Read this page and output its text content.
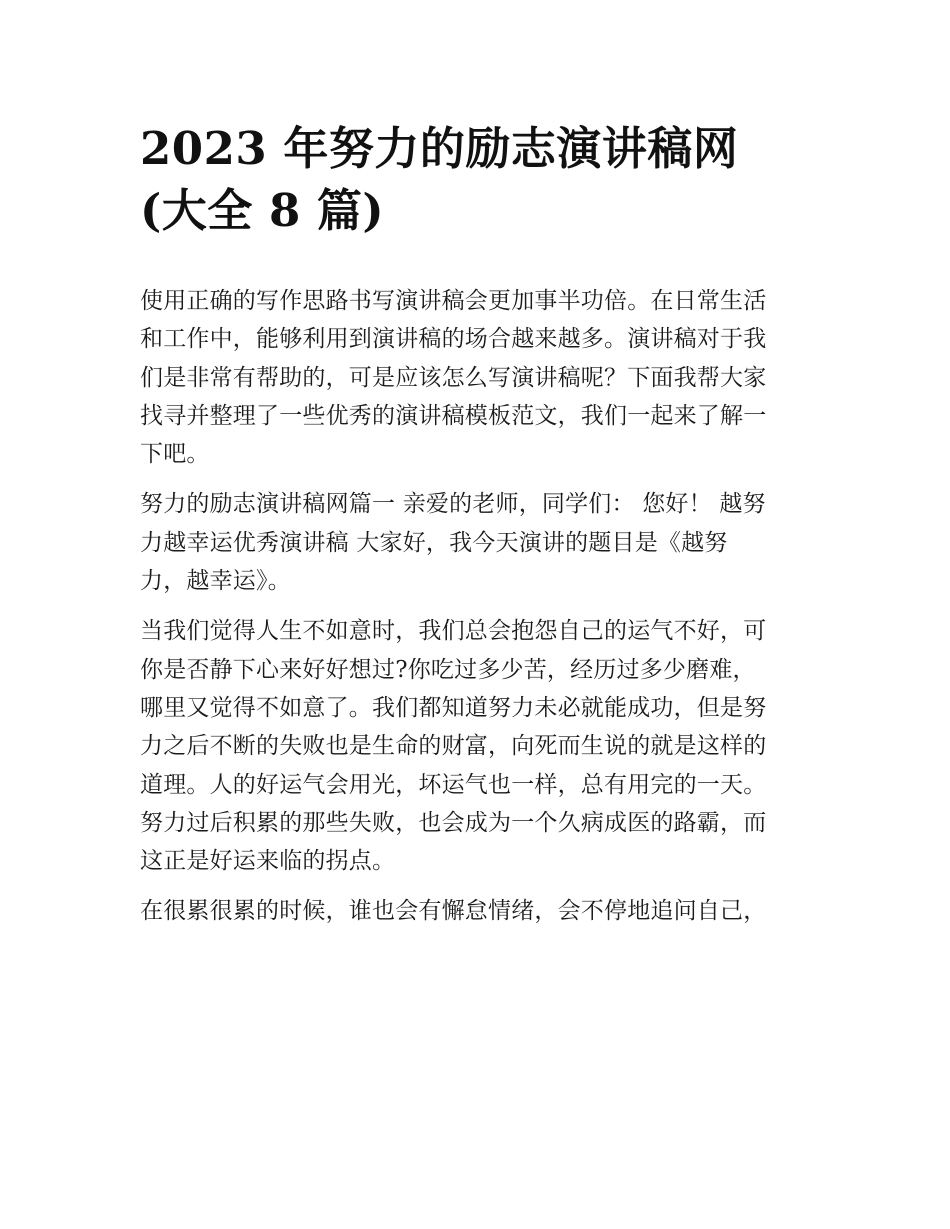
2023 年努力的励志演讲稿网
(大全 8 篇)

使用正确的写作思路书写演讲稿会更加事半功倍。在日常生活
和工作中，能够利用到演讲稿的场合越来越多。演讲稿对于我
们是非常有帮助的，可是应该怎么写演讲稿呢？下面我帮大家
找寻并整理了一些优秀的演讲稿模板范文，我们一起来了解一
下吧。

努力的励志演讲稿网篇一 亲爱的老师，同学们： 您好！ 越努
力越幸运优秀演讲稿 大家好，我今天演讲的题目是《越努
力，越幸运》。

当我们觉得人生不如意时，我们总会抱怨自己的运气不好，可
你是否静下心来好好想过?你吃过多少苦，经历过多少磨难，
哪里又觉得不如意了。我们都知道努力未必就能成功，但是努
力之后不断的失败也是生命的财富，向死而生说的就是这样的
道理。人的好运气会用光，坏运气也一样，总有用完的一天。
努力过后积累的那些失败，也会成为一个久病成医的路霸，而
这正是好运来临的拐点。

在很累很累的时候，谁也会有懈怠情绪，会不停地追问自己，
